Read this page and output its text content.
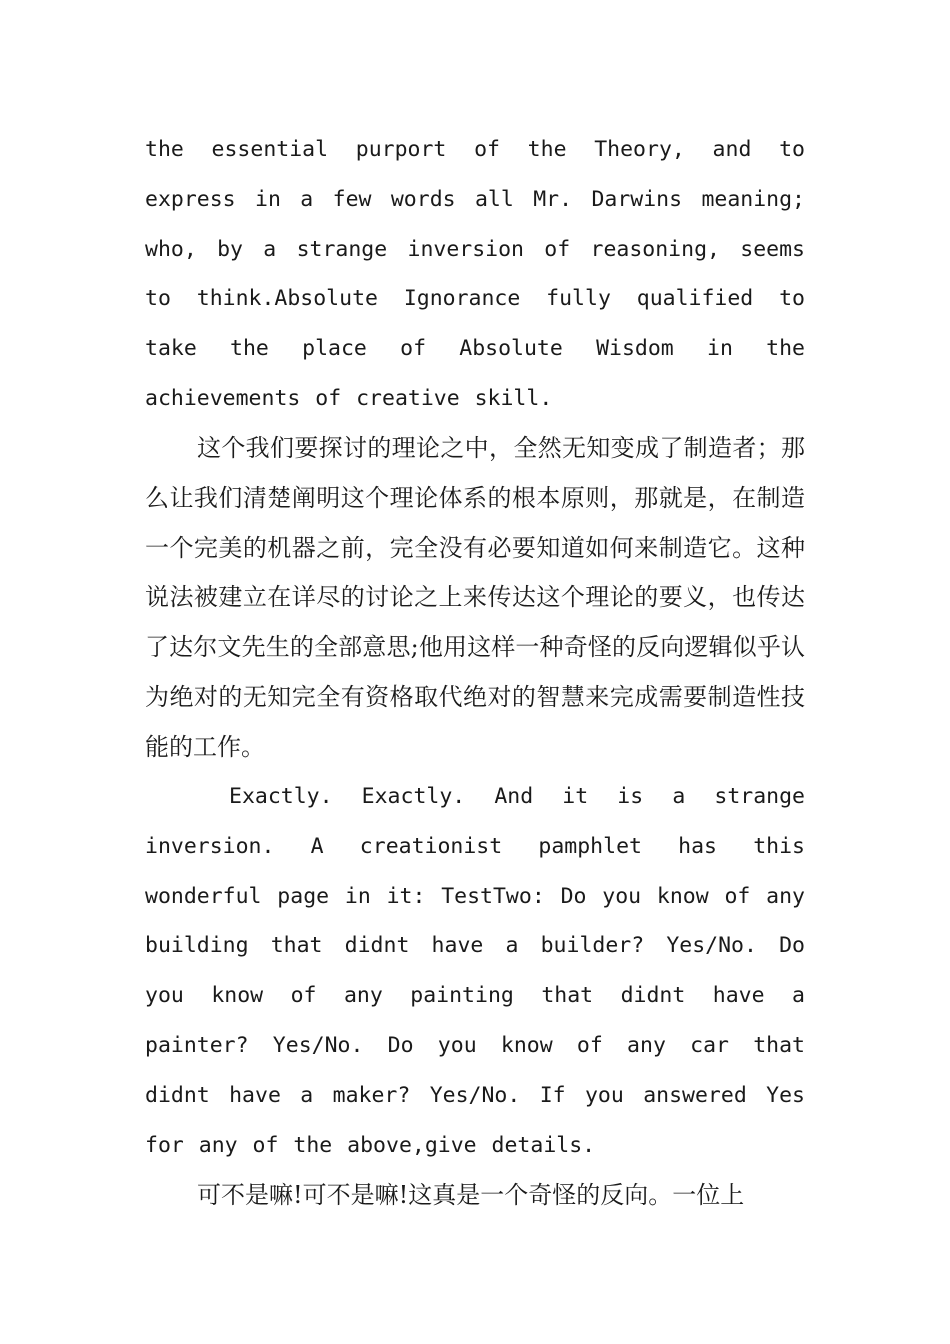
the essential purport of the Theory, and to express in a few words all Mr. Darwins meaning; who, by a strange inversion of reasoning, seems to think.Absolute Ignorance fully qualified to take the place of Absolute Wisdom in the achievements of creative skill.

这个我们要探讨的理论之中，全然无知变成了制造者；那么让我们清楚阐明这个理论体系的根本原则，那就是，在制造一个完美的机器之前，完全没有必要知道如何来制造它。这种说法被建立在详尽的讨论之上来传达这个理论的要义，也传达了达尔文先生的全部意思;他用这样一种奇怪的反向逻辑似乎认为绝对的无知完全有资格取代绝对的智慧来完成需要制造性技能的工作。

Exactly. Exactly. And it is a strange inversion. A creationist pamphlet has this wonderful page in it: TestTwo: Do you know of any building that didnt have a builder? Yes/No. Do you know of any painting that didnt have a painter? Yes/No. Do you know of any car that didnt have a maker? Yes/No. If you answered Yes for any of the above,give details.

可不是嘛!可不是嘛!这真是一个奇怪的反向。一位上
